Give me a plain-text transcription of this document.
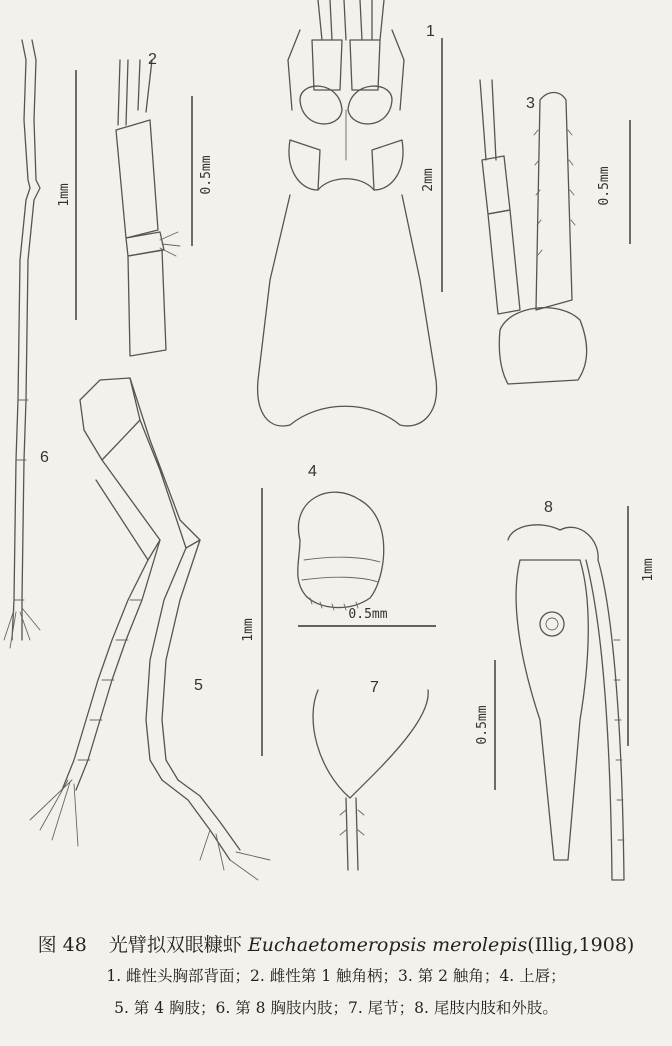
1mm
0.5mm	2mm	0.5mm
1mm
0.5mm
1mm
0.5mm
1
2
3
4
5
6
7
8
图 48 光臂拟双眼糠虾 Euchaetomeropsis merolepis(Illig,1908)
1. 雌性头胸部背面；2. 雌性第 1 触角柄；3. 第 2 触角；4. 上唇；
5. 第 4 胸肢；6. 第 8 胸肢内肢；7. 尾节；8. 尾肢内肢和外肢。
